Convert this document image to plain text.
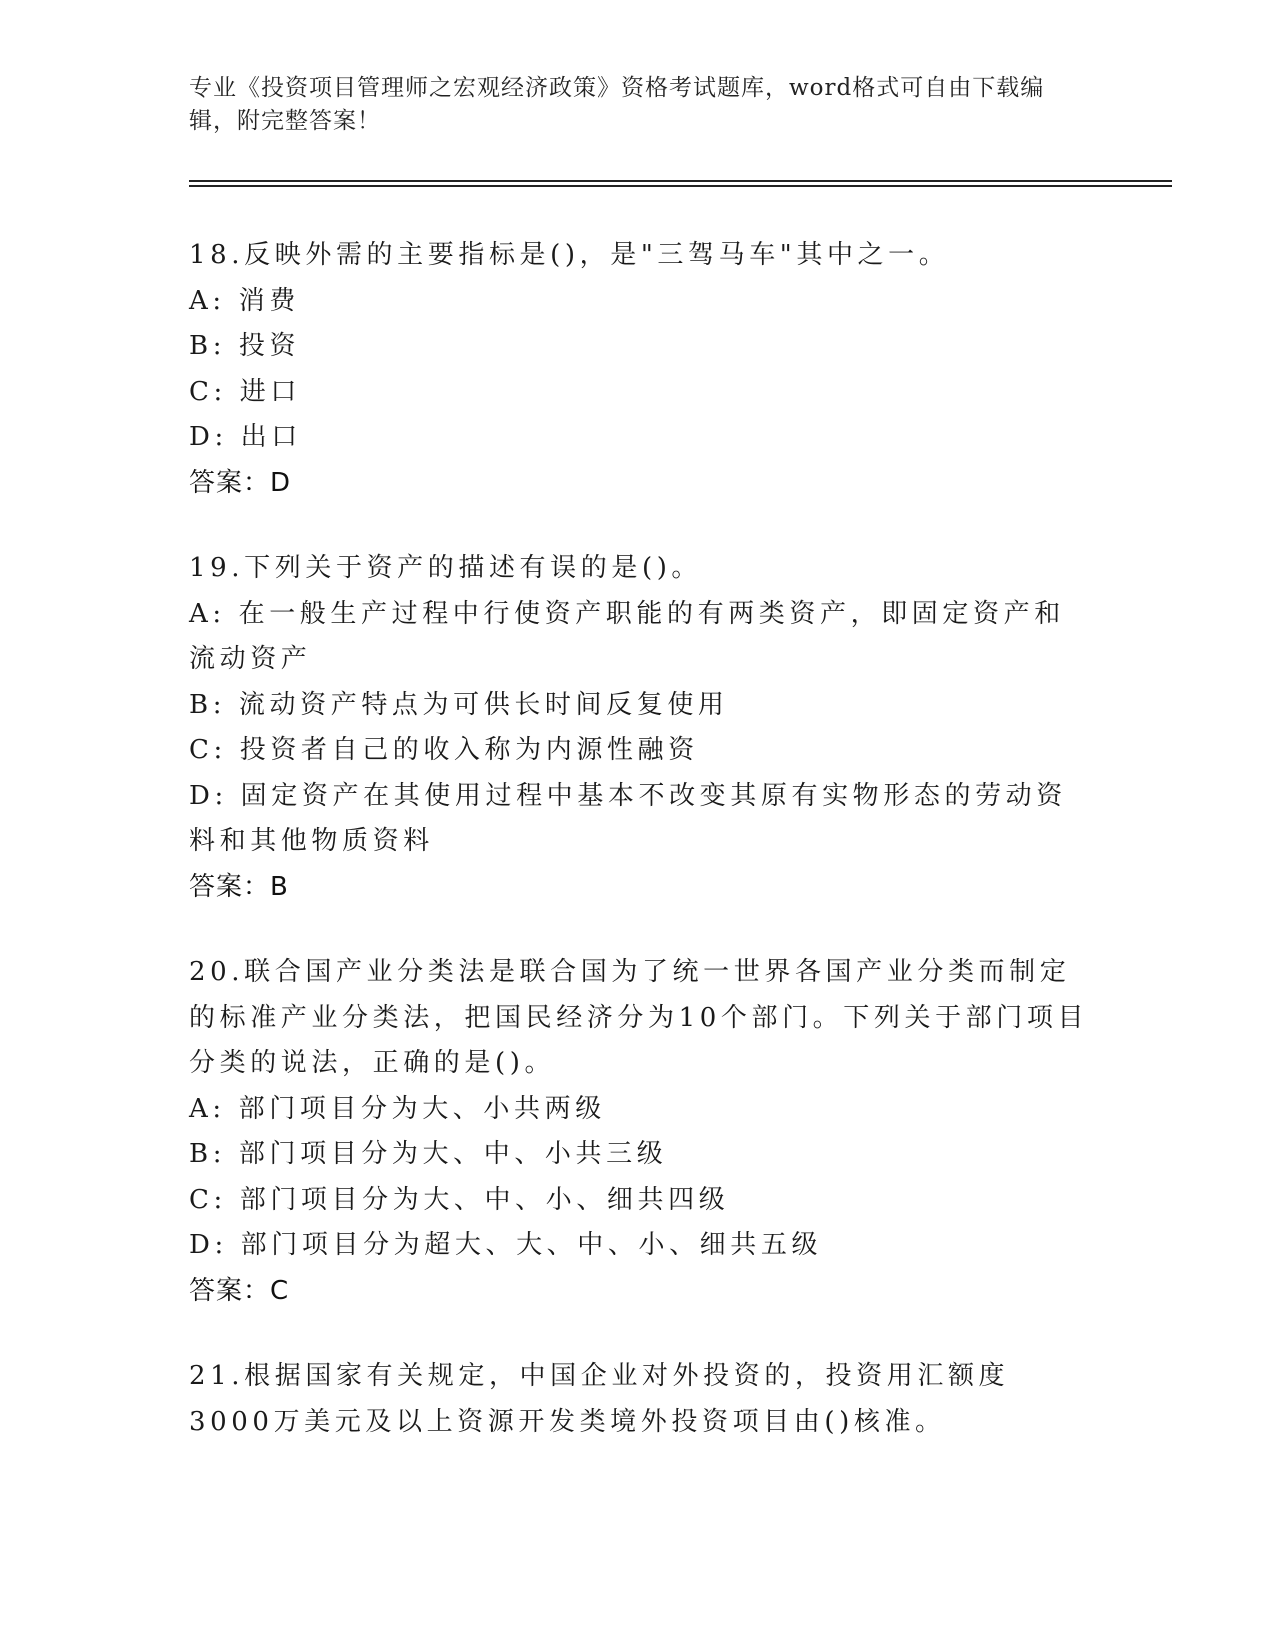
专业《投资项目管理师之宏观经济政策》资格考试题库，word格式可自由下载编辑，附完整答案！
18.反映外需的主要指标是()，是"三驾马车"其中之一。
A: 消费
B: 投资
C: 进口
D: 出口
答案：D
19.下列关于资产的描述有误的是()。
A: 在一般生产过程中行使资产职能的有两类资产，即固定资产和流动资产
B: 流动资产特点为可供长时间反复使用
C: 投资者自己的收入称为内源性融资
D: 固定资产在其使用过程中基本不改变其原有实物形态的劳动资料和其他物质资料
答案：B
20.联合国产业分类法是联合国为了统一世界各国产业分类而制定的标准产业分类法，把国民经济分为10个部门。下列关于部门项目分类的说法，正确的是()。
A: 部门项目分为大、小共两级
B: 部门项目分为大、中、小共三级
C: 部门项目分为大、中、小、细共四级
D: 部门项目分为超大、大、中、小、细共五级
答案：C
21.根据国家有关规定，中国企业对外投资的，投资用汇额度3000万美元及以上资源开发类境外投资项目由()核准。
